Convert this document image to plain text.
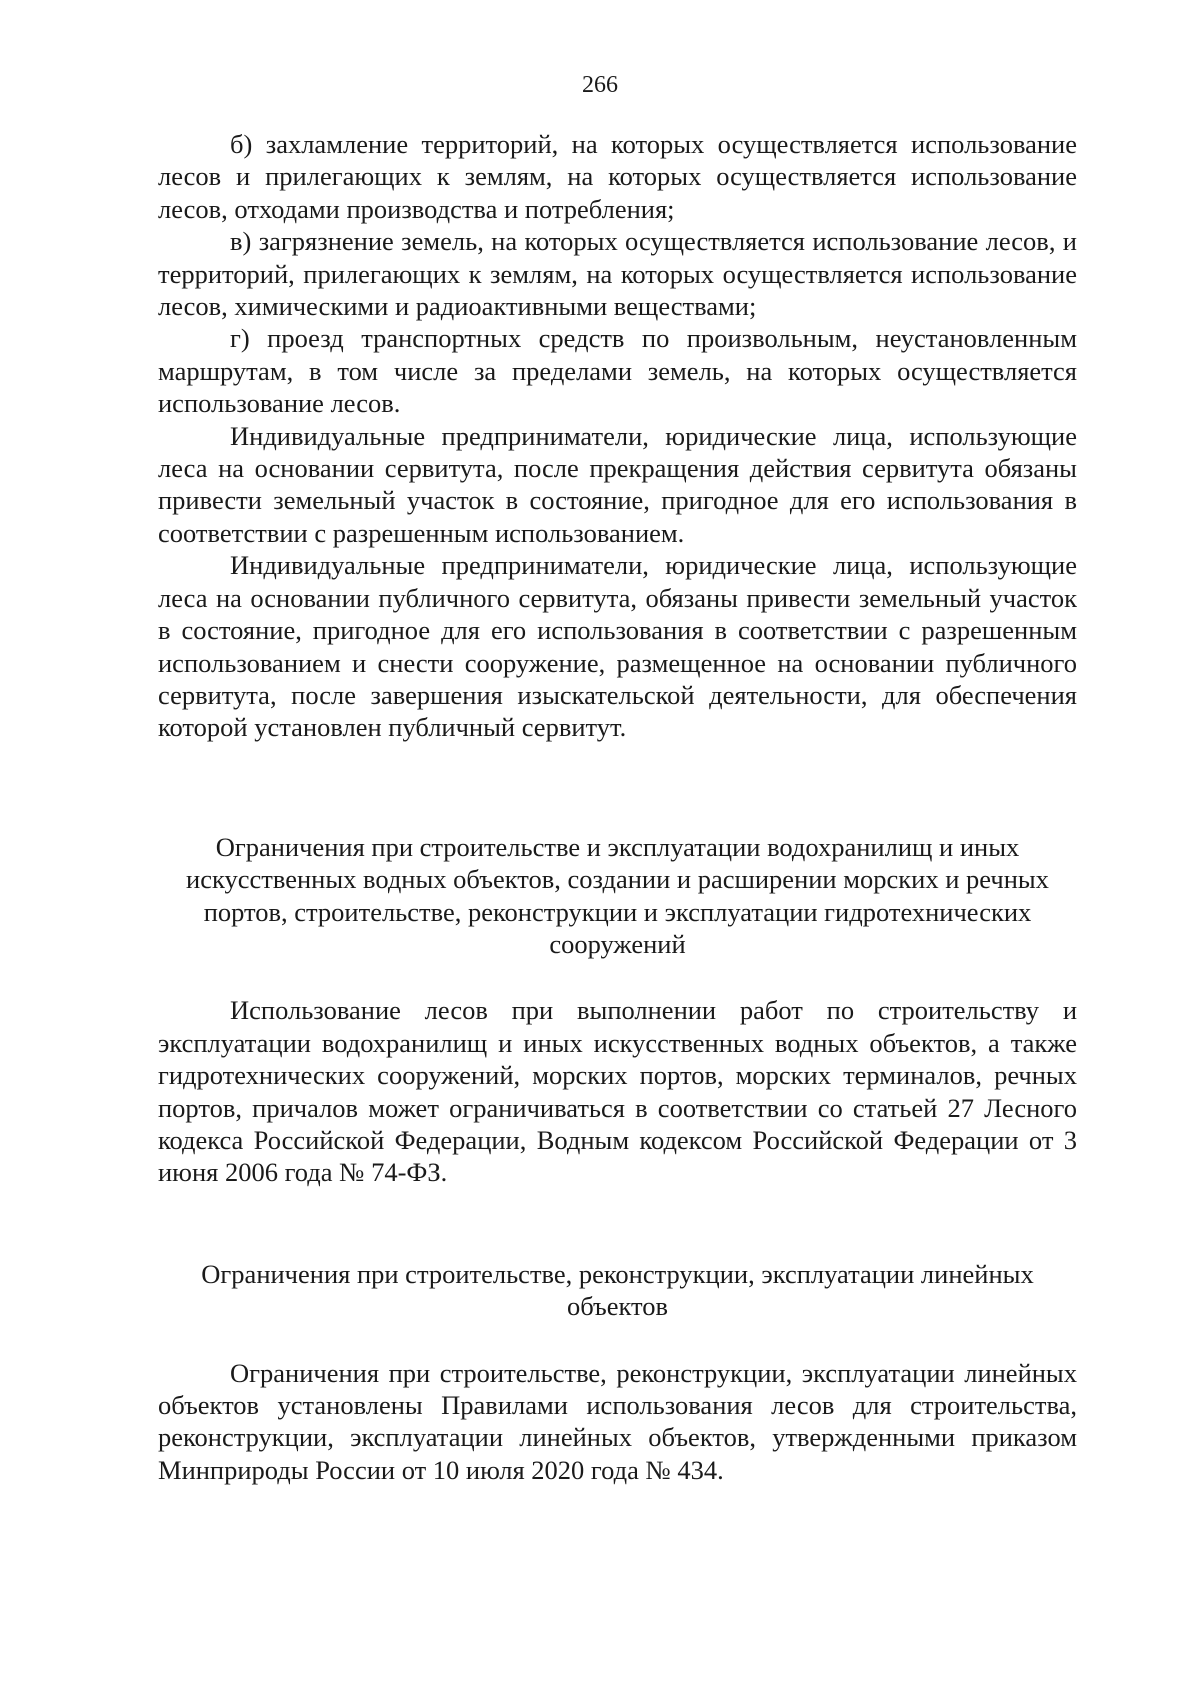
266

б) захламление территорий, на которых осуществляется использование лесов и прилегающих к землям, на которых осуществляется использование лесов, отходами производства и потребления;

в) загрязнение земель, на которых осуществляется использование лесов, и территорий, прилегающих к землям, на которых осуществляется использование лесов, химическими и радиоактивными веществами;

г) проезд транспортных средств по произвольным, неустановленным маршрутам, в том числе за пределами земель, на которых осуществляется использование лесов.

Индивидуальные предприниматели, юридические лица, использующие леса на основании сервитута, после прекращения действия сервитута обязаны привести земельный участок в состояние, пригодное для его использования в соответствии с разрешенным использованием.

Индивидуальные предприниматели, юридические лица, использующие леса на основании публичного сервитута, обязаны привести земельный участок в состояние, пригодное для его использования в соответствии с разрешенным использованием и снести сооружение, размещенное на основании публичного сервитута, после завершения изыскательской деятельности, для обеспечения которой установлен публичный сервитут.

Ограничения при строительстве и эксплуатации водохранилищ и иных искусственных водных объектов, создании и расширении морских и речных портов, строительстве, реконструкции и эксплуатации гидротехнических сооружений

Использование лесов при выполнении работ по строительству и эксплуатации водохранилищ и иных искусственных водных объектов, а также гидротехнических сооружений, морских портов, морских терминалов, речных портов, причалов может ограничиваться в соответствии со статьей 27 Лесного кодекса Российской Федерации, Водным кодексом Российской Федерации от 3 июня 2006 года № 74-ФЗ.

Ограничения при строительстве, реконструкции, эксплуатации линейных объектов

Ограничения при строительстве, реконструкции, эксплуатации линейных объектов установлены Правилами использования лесов для строительства, реконструкции, эксплуатации линейных объектов, утвержденными приказом Минприроды России от 10 июля 2020 года № 434.
